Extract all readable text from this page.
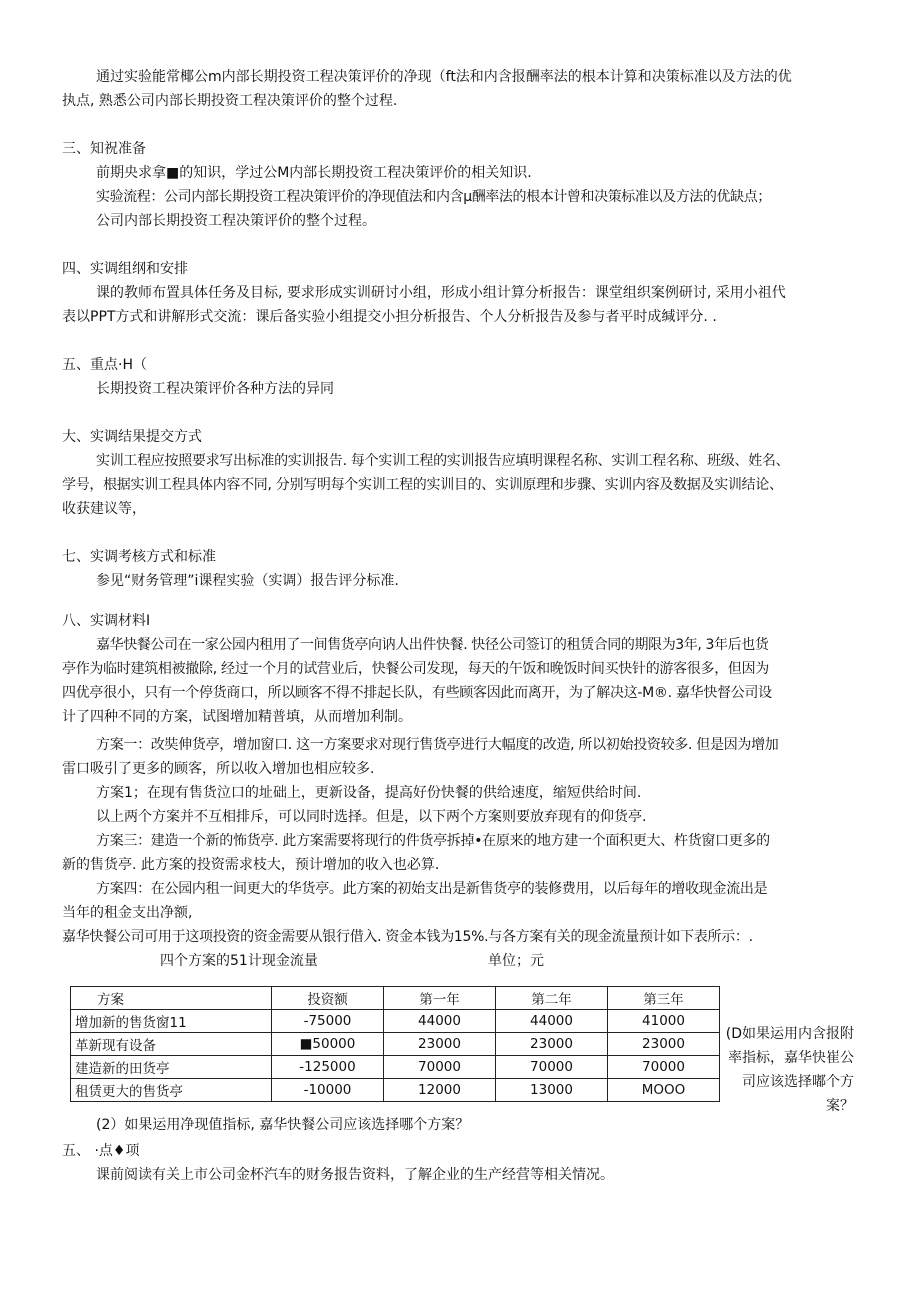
通过实验能常椰公m内部长期投资工程决策评价的净现（ft法和内含报酬率法的根本计算和决策标准以及方法的优
执点, 熟悉公司内部长期投资工程决策评价的整个过程.
三、知祝准备
前期央求拿■的知识，学过公M内部长期投资工程决策评价的相关知识.
实验流程：公司内部长期投资工程决策评价的净现值法和内含μ酬率法的根本计曾和决策标准以及方法的优缺点；
公司内部长期投资工程决策评价的整个过程。
四、实调组纲和安排
课的教师布置具体任务及目标, 要求形成实训研讨小组，形成小组计算分析报告：课堂组织案例研讨, 采用小祖代
表以PPT方式和讲解形式交流：课后备实验小组提交小担分析报告、个人分析报告及参与者平时成缄评分. .
五、重点·H（
长期投资工程决策评价各种方法的异同
大、实调结果提交方式
实训工程应按照要求写出标准的实训报告. 每个实训工程的实训报告应填明课程名称、实训工程名称、班级、姓名、
学号，根据实训工程具体内容不同, 分别写明每个实训工程的实训目的、实训原理和步骤、实训内容及数据及实训结论、
收获建议等，
七、实调考核方式和标准
参见“财务管理”i课程实验（实调）报告评分标准.
八、实调材料I
嘉华快餐公司在一家公园内租用了一间售货亭向讷人出件快餐. 快径公司签订的租赁合同的期限为3年, 3年后也货
亭作为临时建筑相被撤除, 经过一个月的试营业后，快餐公司发现，每天的午饭和晚饭时间买快针的游客很多，但因为
四优亭很小，只有一个停货商口，所以顾客不得不排起长队，有些顾客因此而离开，为了解决这-M®. 嘉华快督公司设
计了四种不同的方案，试图增加精普填，从而增加利制。
方案一：改奘伸货亭，增加窗口. 这一方案要求对现行售货亭进行大幅度的改造, 所以初始投资较多. 但是因为增加
雷口吸引了更多的顾客，所以收入增加也相应较多.
方案1；在现有售货泣口的址础上，更新设备，提高好份快餐的供给速度，缩短供给时间.
以上两个方案并不互相排斥，可以同时选择。但是，以下两个方案则要放弃现有的仰货亭.
方案三：建造一个新的怖货亭. 此方案需要将现行的件货亭拆掉•在原来的地方建一个面积更大、杵货窗口更多的
新的售货亭. 此方案的投资需求枝大，预计增加的收入也必算.
方案四：在公园内租一间更大的华货亭。此方案的初始支出是新售货亭的装修费用，以后每年的增收现金流出是
当年的租金支出净额,
嘉华快餐公司可用于这项投资的资金需要从银行借入. 资金本钱为15%.与各方案有关的现金流量预计如下表所示：.
四个方案的51计现金流量	单位；元
方案	投资额	第一年	第二年	第三年
增加新的售货窗11	-75000	44000	44000	41000
革新现有设备	■50000	23000	23000	23000
建造新的田货亭	-125000	70000	70000	70000
租赁更大的售货亭	-10000	12000	13000	MOOO
(D如果运用内含报附
率指标，嘉华快崔公
司应该选择嘟个方
案？
(2）如果运用净现值指标, 嘉华快餐公司应该选择哪个方案？
五、 ·点♦项
课前阅读有关上市公司金杯汽车的财务报告资料，了解企业的生产经营等相关情况。
